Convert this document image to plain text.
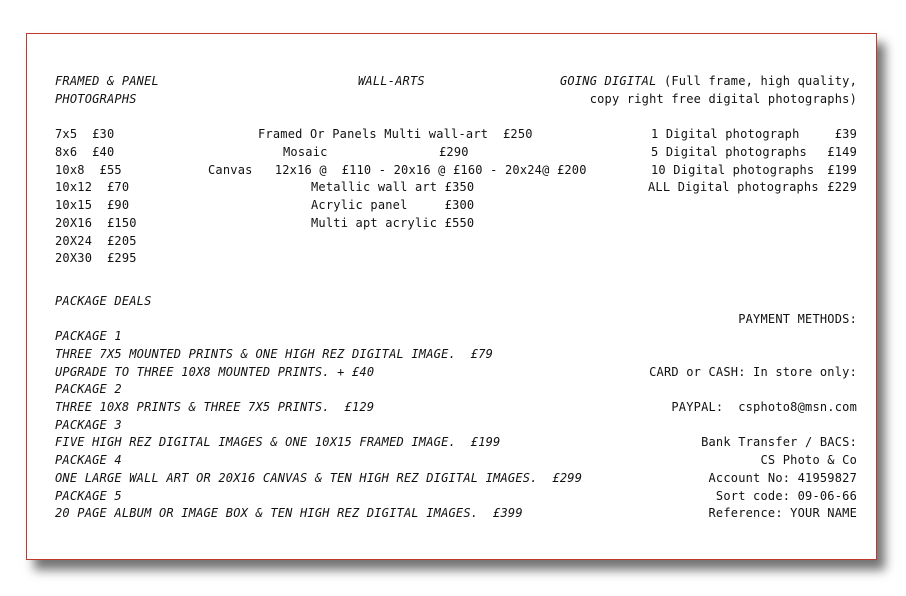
FRAMED & PANEL
PHOTOGRAPHS
7x5  £30
8x6  £40
10x8  £55
10x12  £70
10x15  £90
20X16  £150
20X24  £205
20X30  £295
WALL-ARTS
Framed Or Panels Multi wall-art  £250
Mosaic	£290
Canvas   12x16 @  £110 - 20x16 @ £160 - 20x24@ £200
Metallic wall art £350
Acrylic panel     £300
Multi apt acrylic £550
GOING DIGITAL (Full frame, high quality,
copy right free digital photographs)
1 Digital photograph	£39
5 Digital photographs £149
10 Digital photographs £199
ALL Digital photographs £229
PACKAGE DEALS
PACKAGE 1
THREE 7X5 MOUNTED PRINTS & ONE HIGH REZ DIGITAL IMAGE.  £79
UPGRADE TO THREE 10X8 MOUNTED PRINTS. + £40
PACKAGE 2
THREE 10X8 PRINTS & THREE 7X5 PRINTS.  £129
PACKAGE 3
FIVE HIGH REZ DIGITAL IMAGES & ONE 10X15 FRAMED IMAGE.  £199
PACKAGE 4
ONE LARGE WALL ART OR 20X16 CANVAS & TEN HIGH REZ DIGITAL IMAGES.  £299
PACKAGE 5
20 PAGE ALBUM OR IMAGE BOX & TEN HIGH REZ DIGITAL IMAGES.  £399
PAYMENT METHODS:
CARD or CASH: In store only:
PAYPAL:  csphoto8@msn.com
Bank Transfer / BACS:
CS Photo & Co
Account No: 41959827
Sort code: 09-06-66
Reference: YOUR NAME
